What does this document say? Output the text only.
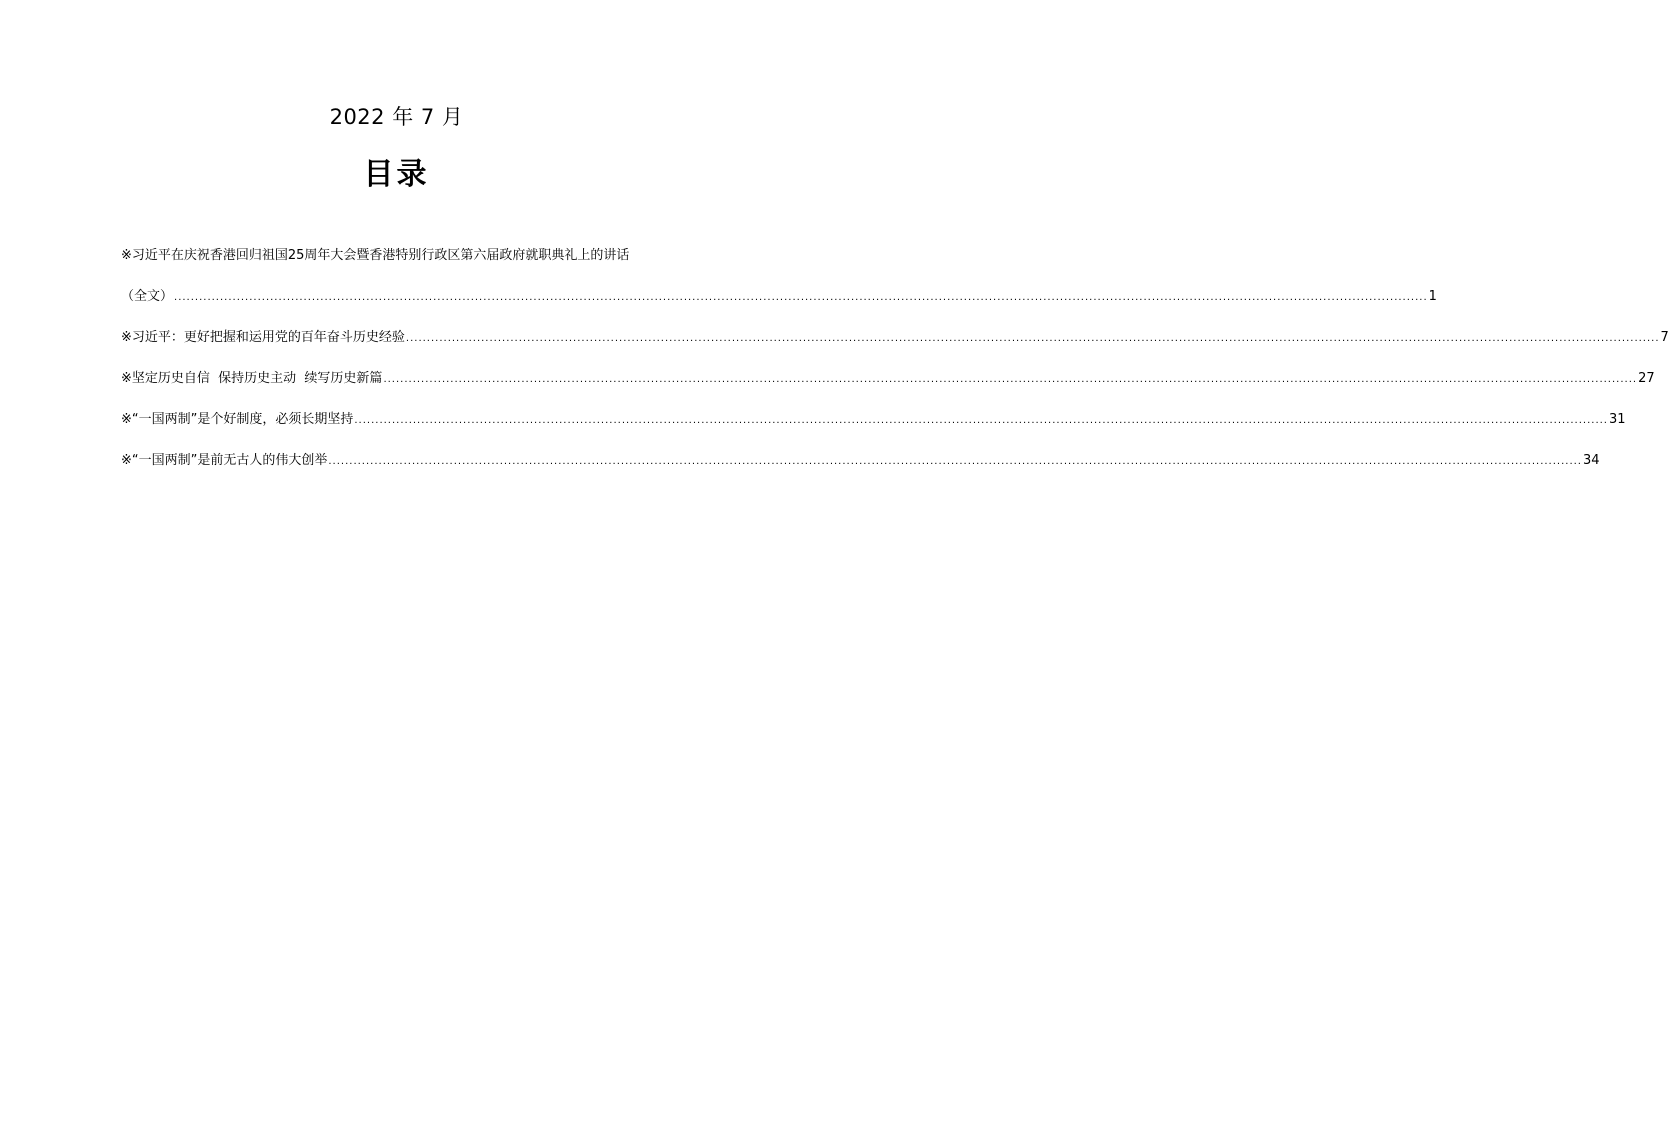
2022 年 7 月
目录
※习近平在庆祝香港回归祖国25周年大会暨香港特别行政区第六届政府就职典礼上的讲话
（全文） ............................................................................................................................................................................................................................................................................................................ 1
※习近平：更好把握和运用党的百年奋斗历史经验 ............................................................................................................................................................................................................................................................................................................ 7
※坚定历史自信  保持历史主动  续写历史新篇 ............................................................................................................................................................................................................................................................................................................ 27
※“一国两制”是个好制度，必须长期坚持 ............................................................................................................................................................................................................................................................................................................ 31
※“一国两制”是前无古人的伟大创举 ............................................................................................................................................................................................................................................................................................................ 34
